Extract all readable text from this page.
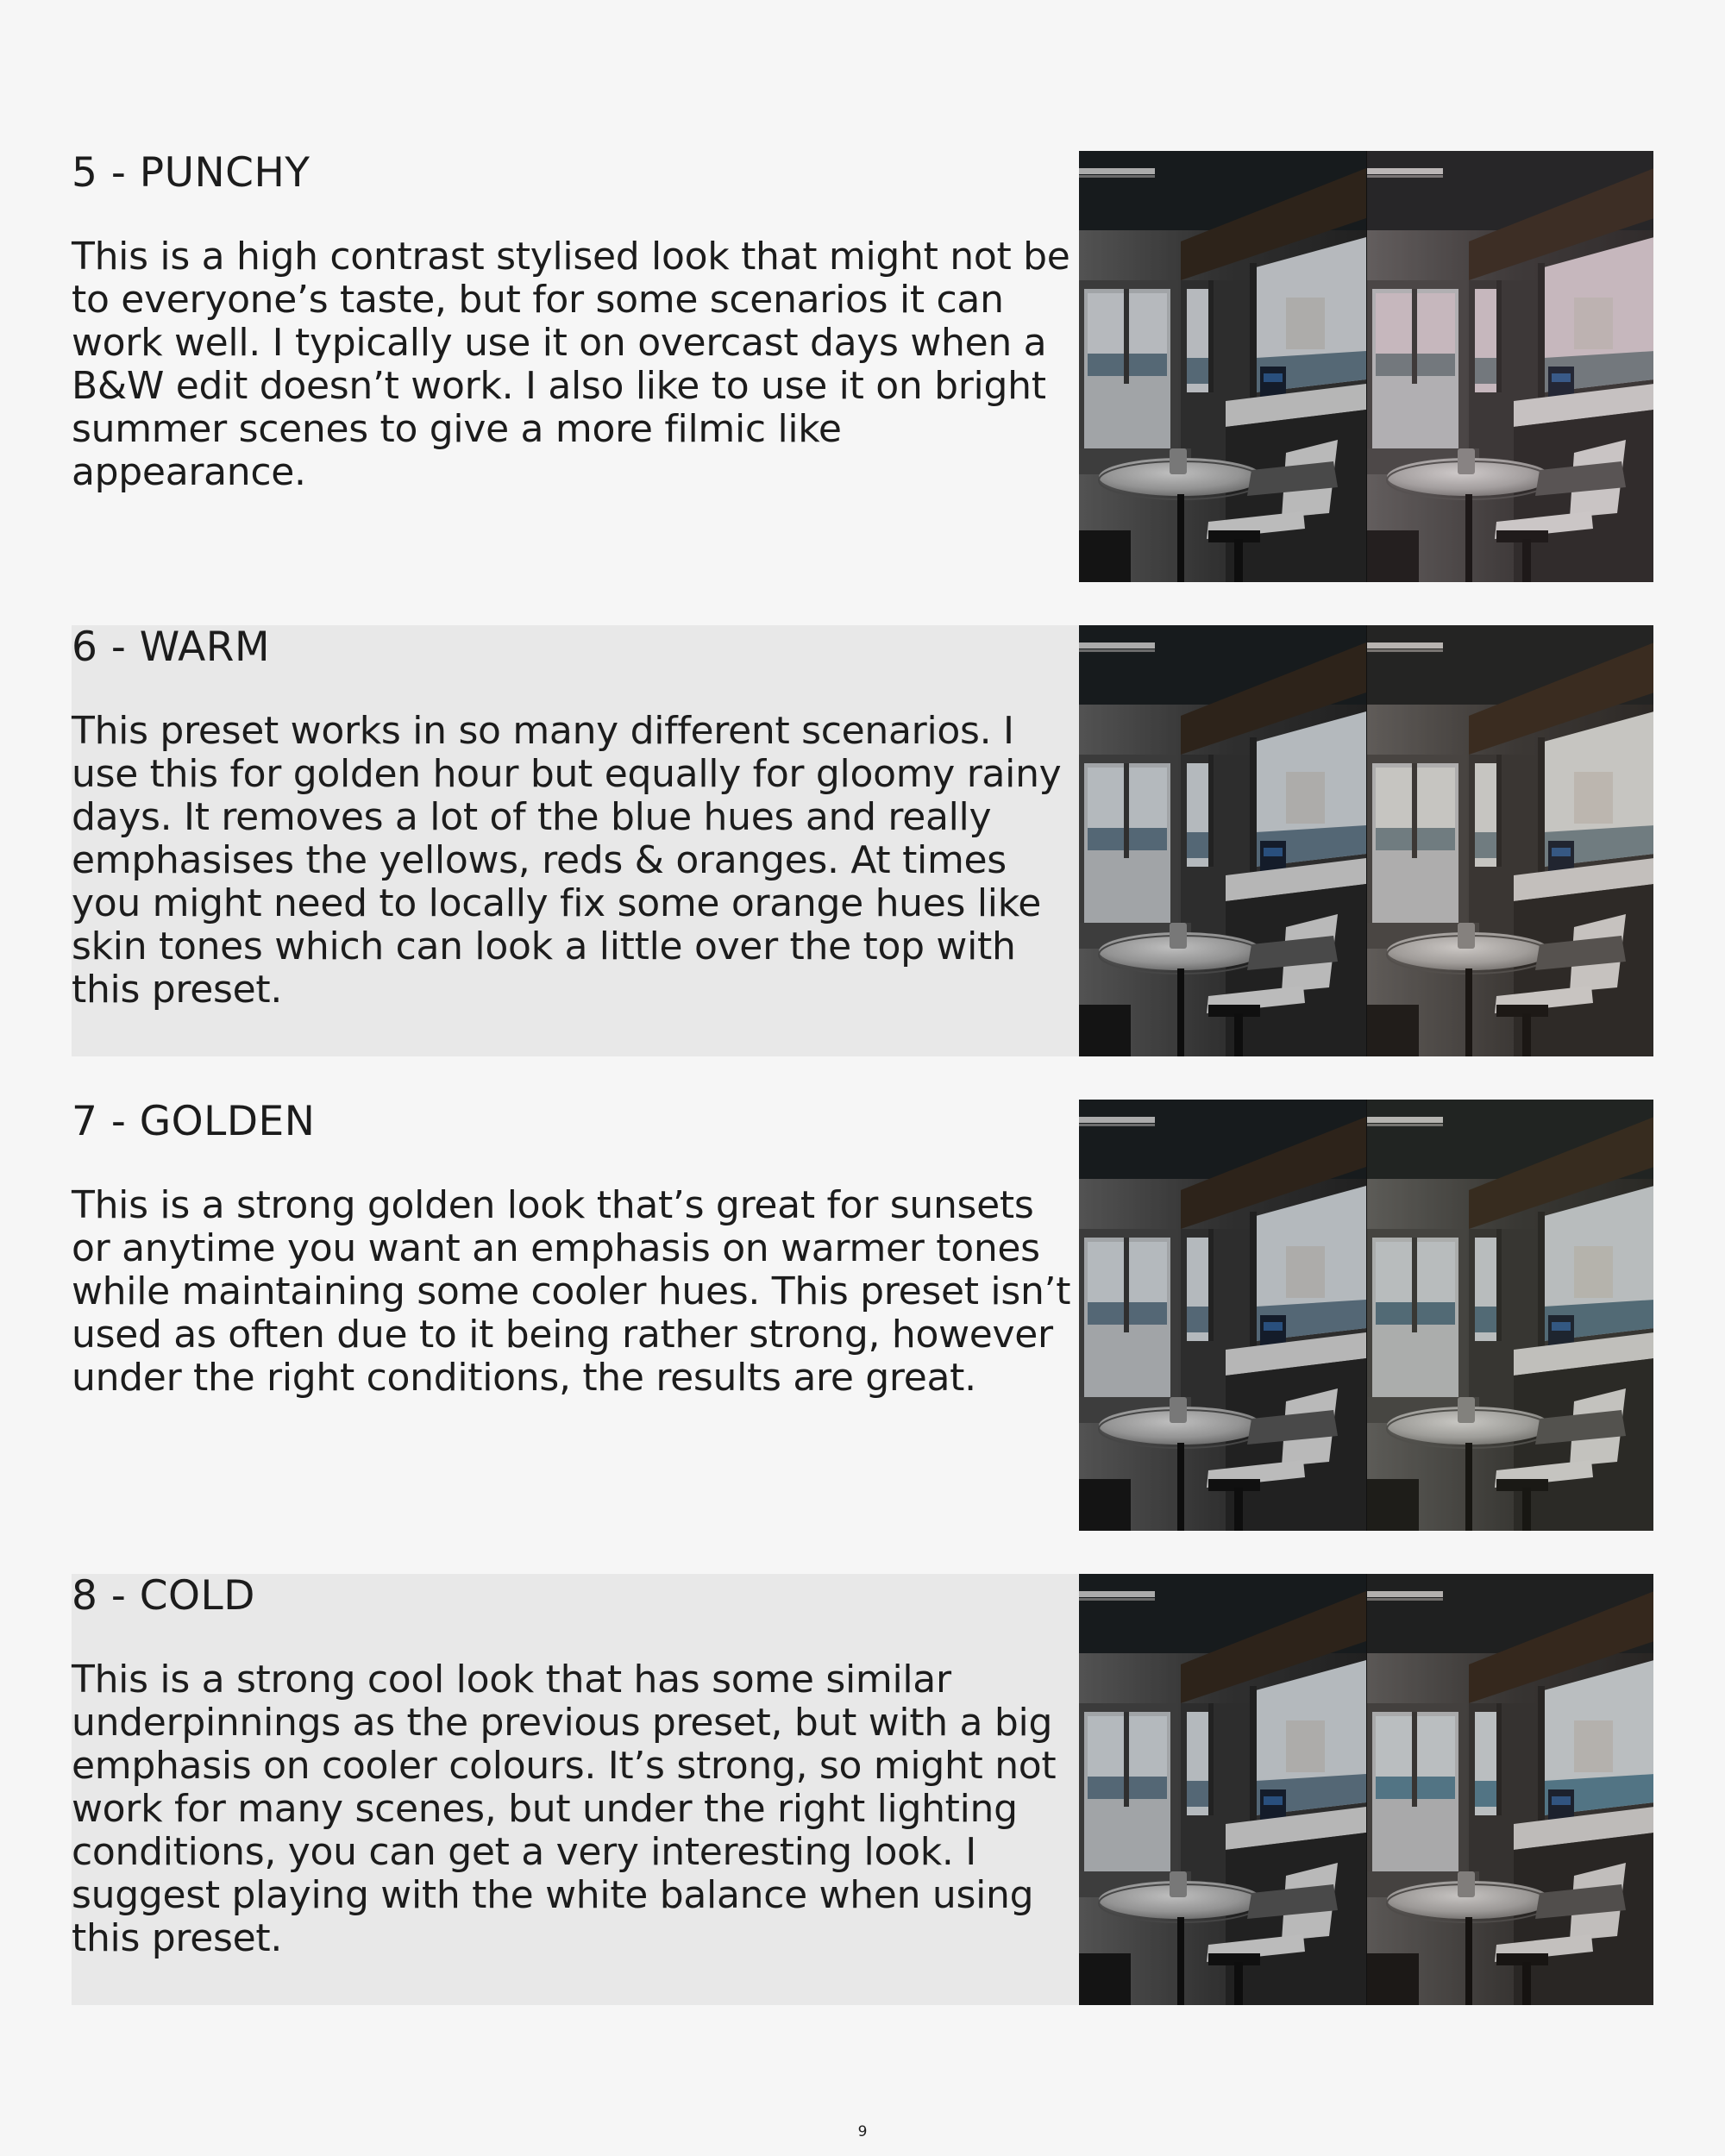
5 - PUNCHY

This is a high contrast stylised look that might not be to everyone’s taste, but for some scenarios it can work well. I typically use it on overcast days when a B&W edit doesn’t work. I also like to use it on bright summer scenes to give a more filmic like appearance.

6 - WARM

This preset works in so many different scenarios. I use this for golden hour but equally for gloomy rainy days. It removes a lot of the blue hues and really emphasises the yellows, reds & oranges. At times you might need to locally fix some orange hues like skin tones which can look a little over the top with this preset.

7 - GOLDEN

This is a strong golden look that’s great for sunsets or anytime you want an emphasis on warmer tones while maintaining some cooler hues. This preset isn’t used as often due to it being rather strong, however under the right conditions, the results are great.

8 - COLD

This is a strong cool look that has some similar underpinnings as the previous preset, but with a big emphasis on cooler colours. It’s strong, so might not work for many scenes, but under the right lighting conditions, you can get a very interesting look. I suggest playing with the white balance when using this preset.

9
